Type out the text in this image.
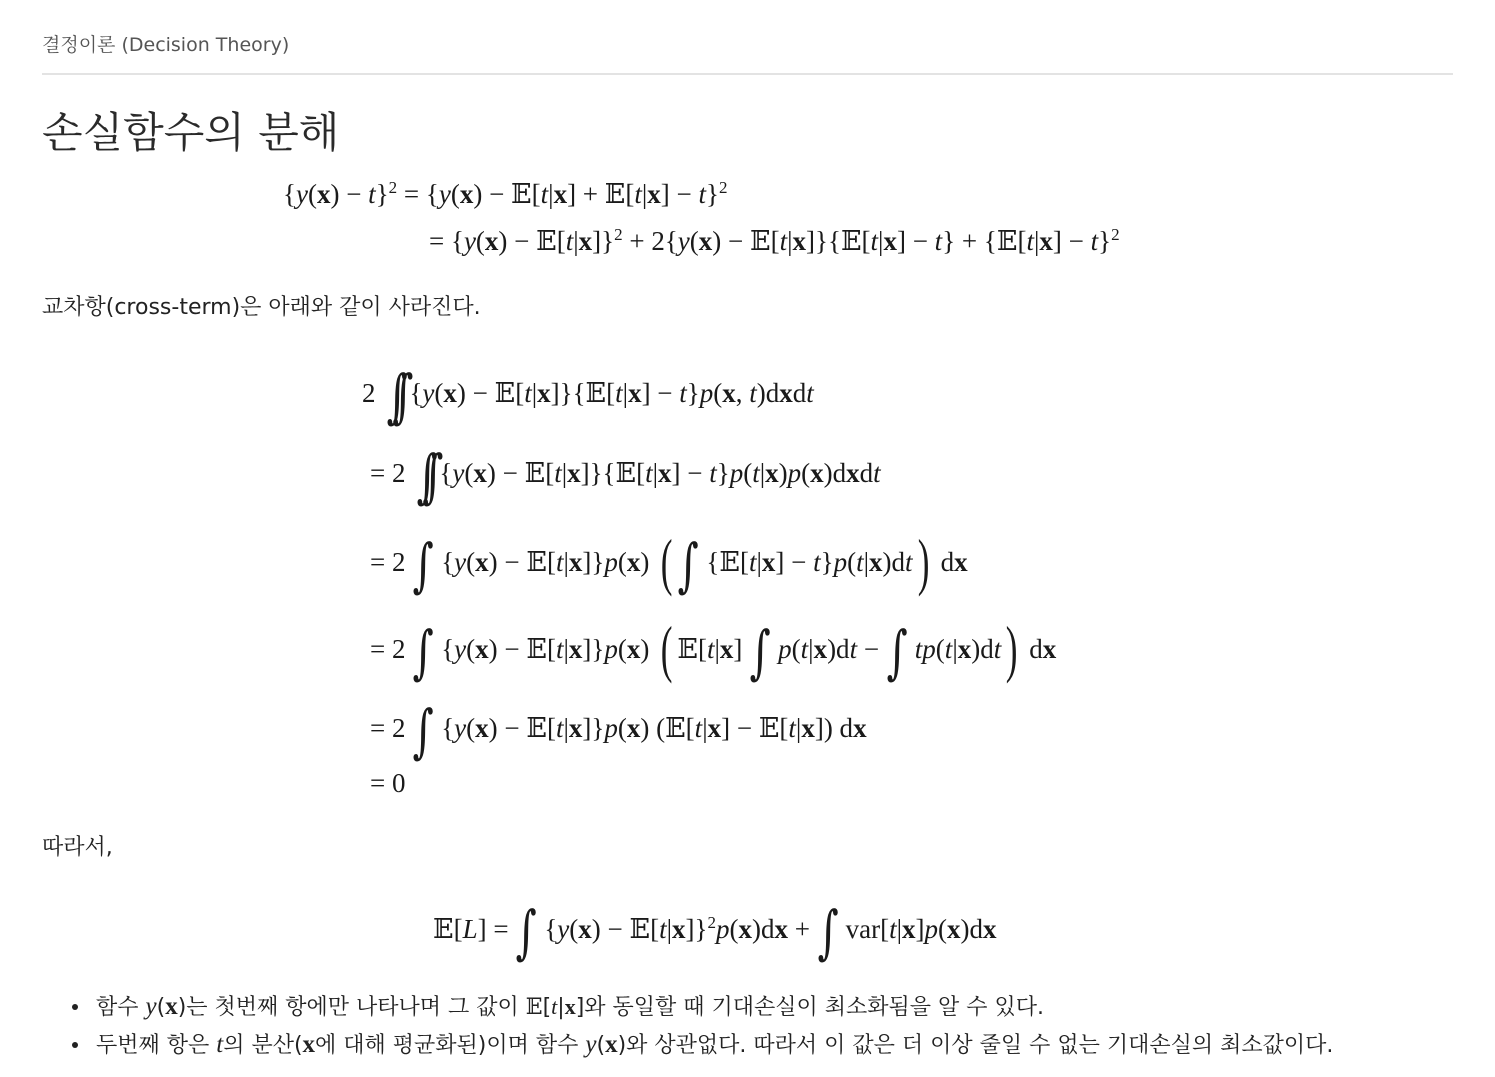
결정이론 (Decision Theory)
손실함수의 분해
$\{y(x) - t\}^2 = \{y(x)$ − 𝔼[t|x] + 𝔼[t|x] − t}$^2$
= {y(x) − 𝔼[t|x]}$^2$ + 2{y(x) − 𝔼[t|x]}{𝔼[t|x] − t} + {𝔼[t|x] − t}$^2$
교차항(cross-term)은 아래와 같이 사라진다.
2 ∫∫ {y(x) − 𝔼[t|x]}{𝔼[t|x] − t}p(x, t)dxdt
= 2 ∫∫ {y(x) − 𝔼[t|x]}{𝔼[t|x] − t}p(t|x)p(x)dxdt
= 2 ∫ {y(x) − 𝔼[t|x]}p(x) (∫ {𝔼[t|x] − t}p(t|x)dt) dx
= 2 ∫ {y(x) − 𝔼[t|x]}p(x) ( 𝔼[t|x] ∫ p(t|x)dt − ∫ tp(t|x)dt) dx
= 2 ∫ {y(x) − 𝔼[t|x]}p(x) (𝔼[t|x] − 𝔼[t|x]) dx
= 0
따라서,
𝔼[L] = ∫ {y(x) − 𝔼[t|x]}$^2$p(x)dx + ∫ var[t|x]p(x)dx
함수 y(x)는 첫번째 항에만 나타나며 그 값이 𝔼[t|x]와 동일할 때 기대손실이 최소화됨을 알 수 있다.
두번째 항은 t의 분산(x에 대해 평균화된)이며 함수 y(x)와 상관없다. 따라서 이 값은 더 이상 줄일 수 없는 기대손실의 최소값이다.
